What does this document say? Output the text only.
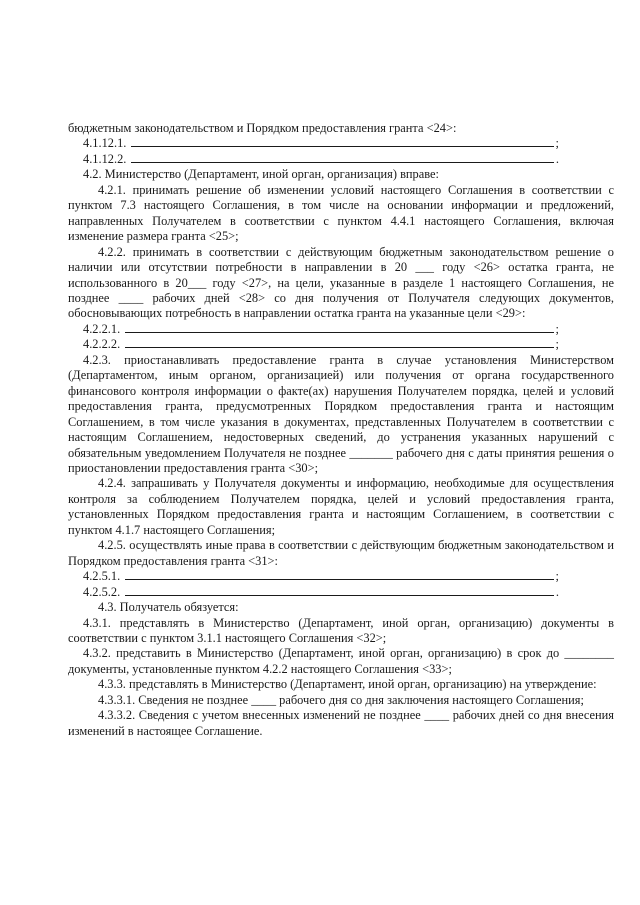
бюджетным законодательством и Порядком предоставления гранта <24>:

4.1.12.1.	;
4.1.12.2.	.

4.2. Министерство (Департамент, иной орган, организация) вправе:

4.2.1. принимать решение об изменении условий настоящего Соглашения в соответствии с пунктом 7.3 настоящего Соглашения, в том числе на основании информации и предложений, направленных Получателем в соответствии с пунктом 4.4.1 настоящего Соглашения, включая изменение размера гранта <25>;

4.2.2. принимать в соответствии с действующим бюджетным законодательством решение о наличии или отсутствии потребности в направлении в 20 ___ году <26> остатка гранта, не использованного в 20___ году <27>, на цели, указанные в разделе 1 настоящего Соглашения, не позднее ____ рабочих дней <28> со дня получения от Получателя следующих документов, обосновывающих потребность в направлении остатка гранта на указанные цели <29>:

4.2.2.1.	;
4.2.2.2.	;

4.2.3. приостанавливать предоставление гранта в случае установления Министерством (Департаментом, иным органом, организацией) или получения от органа государственного финансового контроля информации о факте(ах) нарушения Получателем порядка, целей и условий предоставления гранта, предусмотренных Порядком предоставления гранта и настоящим Соглашением, в том числе указания в документах, представленных Получателем в соответствии с настоящим Соглашением, недостоверных сведений, до устранения указанных нарушений с обязательным уведомлением Получателя не позднее _______ рабочего дня с даты принятия решения о приостановлении предоставления гранта <30>;

4.2.4. запрашивать у Получателя документы и информацию, необходимые для осуществления контроля за соблюдением Получателем порядка, целей и условий предоставления гранта, установленных Порядком предоставления гранта и настоящим Соглашением, в соответствии с пунктом 4.1.7 настоящего Соглашения;

4.2.5. осуществлять иные права в соответствии с действующим бюджетным законодательством и Порядком предоставления гранта <31>:

4.2.5.1.	;
4.2.5.2.	.

4.3. Получатель обязуется:

4.3.1. представлять в Министерство (Департамент, иной орган, организацию) документы в соответствии с пунктом 3.1.1 настоящего Соглашения <32>;

4.3.2. представить в Министерство (Департамент, иной орган, организацию) в срок до ________ документы, установленные пунктом 4.2.2 настоящего Соглашения <33>;

4.3.3. представлять в Министерство (Департамент, иной орган, организацию) на утверждение:

4.3.3.1. Сведения не позднее ____ рабочего дня со дня заключения настоящего Соглашения;

4.3.3.2. Сведения с учетом внесенных изменений не позднее ____ рабочих дней со дня внесения изменений в настоящее Соглашение.
